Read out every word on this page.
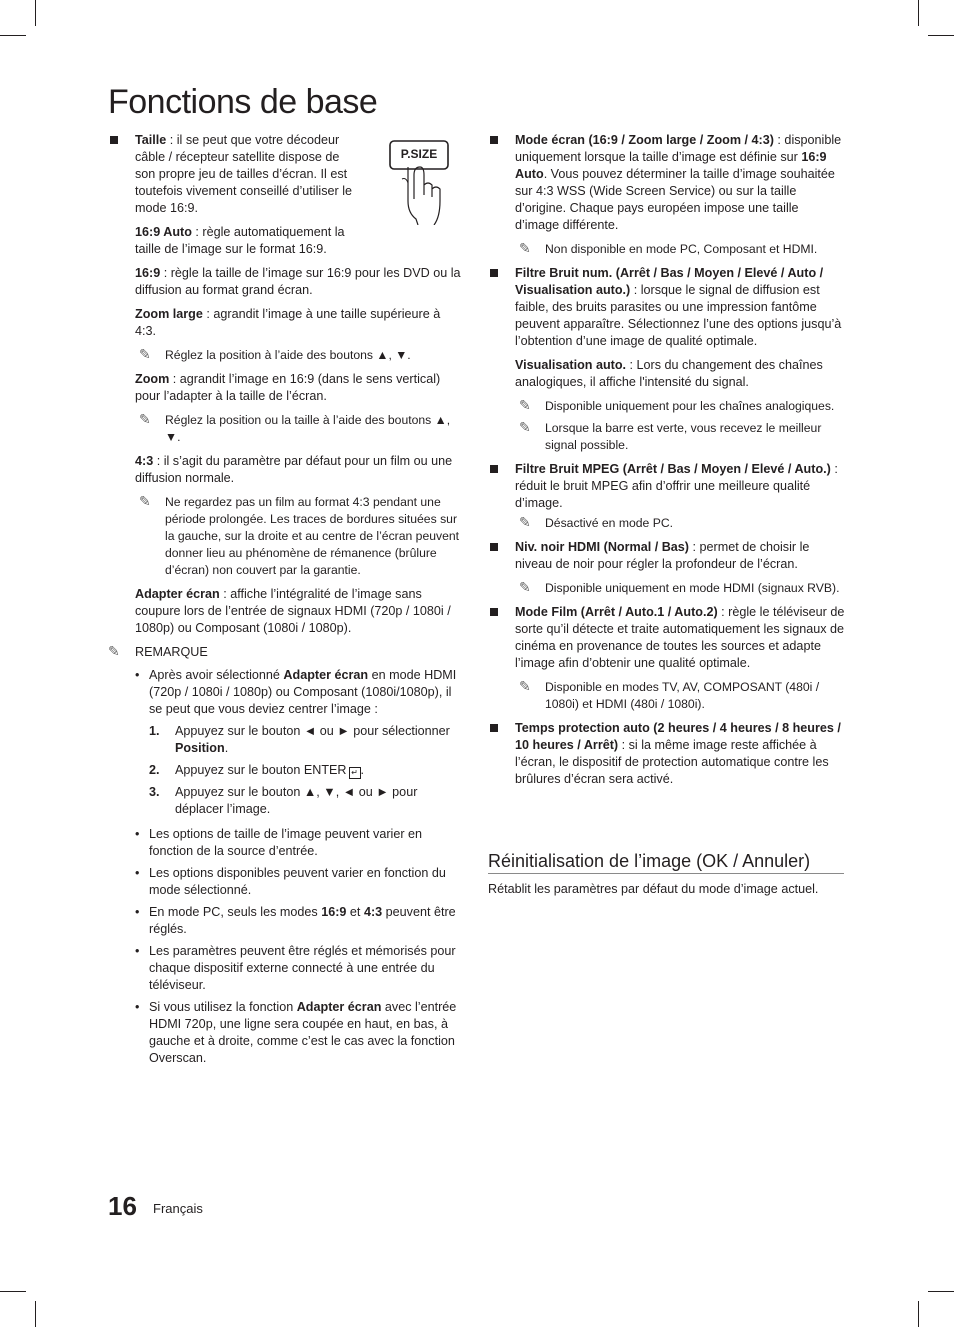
Fonctions de base
P.SIZE
Taille : il se peut que votre décodeur câble / récepteur satellite dispose de son propre jeu de tailles d’écran. Il est toutefois vivement conseillé d’utiliser le mode 16:9.
16:9 Auto : règle automatiquement la taille de l’image sur le format 16:9.
16:9 : règle la taille de l’image sur 16:9 pour les DVD ou la diffusion au format grand écran.
Zoom large : agrandit l’image à une taille supérieure à 4:3.
✎ Réglez la position à l’aide des boutons ▲, ▼.
Zoom : agrandit l’image en 16:9 (dans le sens vertical) pour l’adapter à la taille de l’écran.
✎ Réglez la position ou la taille à l’aide des boutons ▲, ▼.
4:3 : il s’agit du paramètre par défaut pour un film ou une diffusion normale.
✎ Ne regardez pas un film au format 4:3 pendant une période prolongée. Les traces de bordures situées sur la gauche, sur la droite et au centre de l’écran peuvent donner lieu au phénomène de rémanence (brûlure d’écran) non couvert par la garantie.
Adapter écran : affiche l’intégralité de l’image sans coupure lors de l’entrée de signaux HDMI (720p / 1080i / 1080p) ou Composant (1080i / 1080p).
✎ REMARQUE
• Après avoir sélectionné Adapter écran en mode HDMI (720p / 1080i / 1080p) ou Composant (1080i/1080p), il se peut que vous deviez centrer l’image :
1. Appuyez sur le bouton ◄ ou ► pour sélectionner Position.
2. Appuyez sur le bouton ENTER ↵ .
3. Appuyez sur le bouton ▲, ▼, ◄ ou ► pour déplacer l’image.
• Les options de taille de l’image peuvent varier en fonction de la source d’entrée.
• Les options disponibles peuvent varier en fonction du mode sélectionné.
• En mode PC, seuls les modes 16:9 et 4:3 peuvent être réglés.
• Les paramètres peuvent être réglés et mémorisés pour chaque dispositif externe connecté à une entrée du téléviseur.
• Si vous utilisez la fonction Adapter écran avec l’entrée HDMI 720p, une ligne sera coupée en haut, en bas, à gauche et à droite, comme c’est le cas avec la fonction Overscan.
Mode écran (16:9 / Zoom large / Zoom / 4:3) : disponible uniquement lorsque la taille d’image est définie sur 16:9 Auto. Vous pouvez déterminer la taille d’image souhaitée sur 4:3 WSS (Wide Screen Service) ou sur la taille d’origine. Chaque pays européen impose une taille d’image différente.
✎ Non disponible en mode PC, Composant et HDMI.
Filtre Bruit num. (Arrêt / Bas / Moyen / Elevé / Auto / Visualisation auto.) : lorsque le signal de diffusion est faible, des bruits parasites ou une impression fantôme peuvent apparaître. Sélectionnez l’une des options jusqu’à l’obtention d’une image de qualité optimale.
Visualisation auto. : Lors du changement des chaînes analogiques, il affiche l'intensité du signal.
✎ Disponible uniquement pour les chaînes analogiques.
✎ Lorsque la barre est verte, vous recevez le meilleur signal possible.
Filtre Bruit MPEG (Arrêt / Bas / Moyen / Elevé / Auto.) : réduit le bruit MPEG afin d’offrir une meilleure qualité d’image.
✎ Désactivé en mode PC.
Niv. noir HDMI (Normal / Bas) : permet de choisir le niveau de noir pour régler la profondeur de l’écran.
✎ Disponible uniquement en mode HDMI (signaux RVB).
Mode Film (Arrêt / Auto.1 / Auto.2) : règle le téléviseur de sorte qu’il détecte et traite automatiquement les signaux de cinéma en provenance de toutes les sources et adapte l’image afin d’obtenir une qualité optimale.
✎ Disponible en modes TV, AV, COMPOSANT (480i / 1080i) et HDMI (480i / 1080i).
Temps protection auto (2 heures / 4 heures / 8 heures / 10 heures / Arrêt) : si la même image reste affichée à l’écran, le dispositif de protection automatique contre les brûlures d’écran sera activé.
Réinitialisation de l’image (OK / Annuler)
Rétablit les paramètres par défaut du mode d’image actuel.
16 Français
